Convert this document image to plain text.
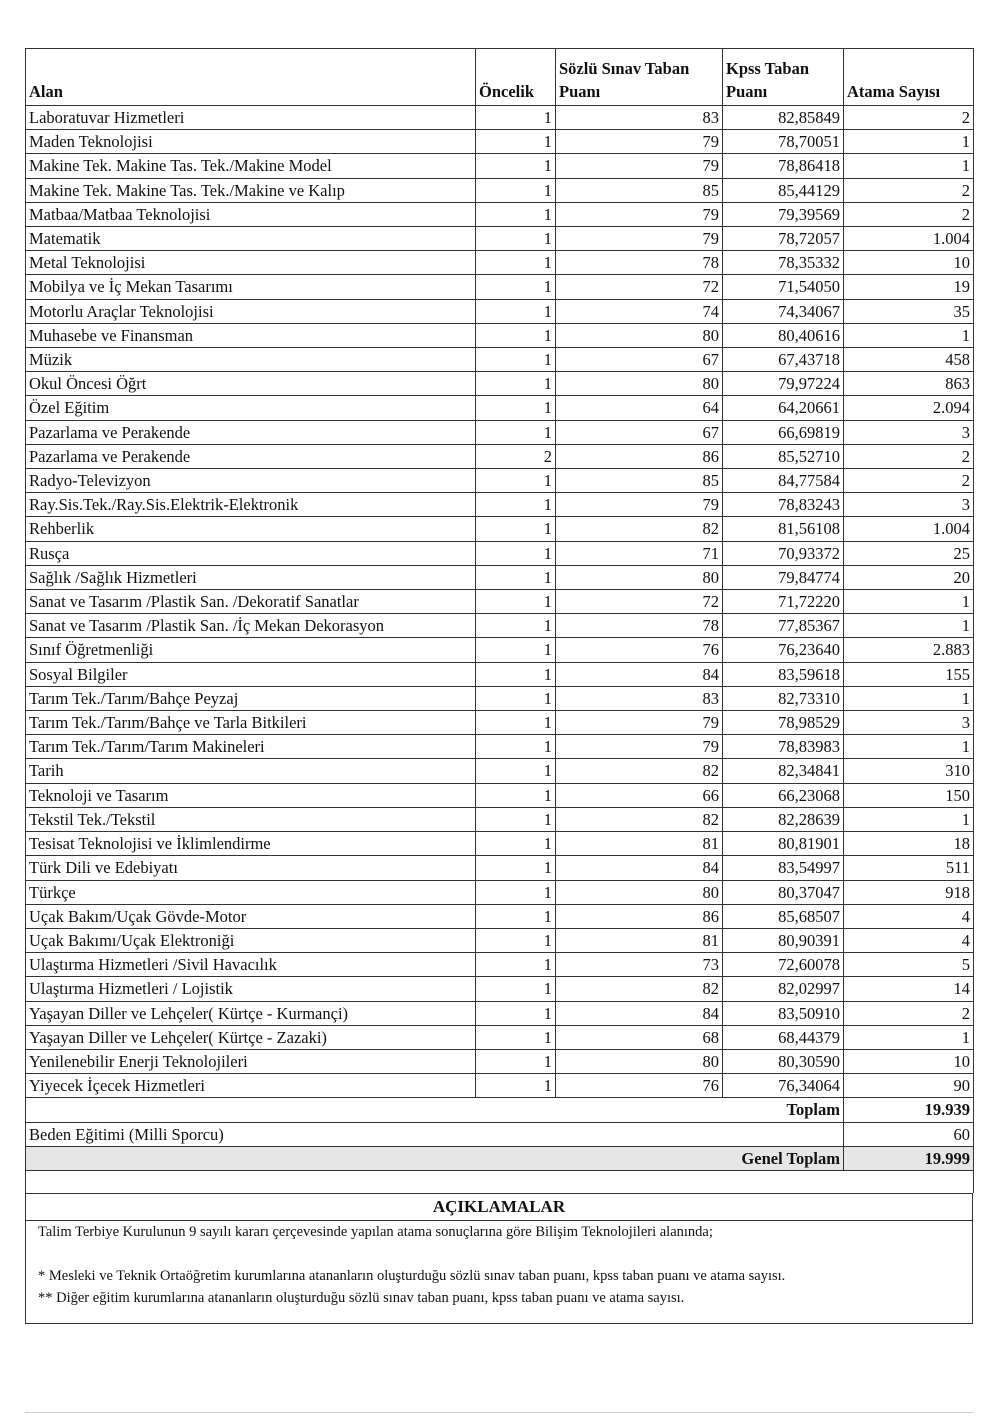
Alan	Öncelik	Sözlü Sınav Taban Puanı	Kpss Taban Puanı	Atama Sayısı
Laboratuvar Hizmetleri	1	83	82,85849	2
Maden Teknolojisi	1	79	78,70051	1
Makine Tek. Makine Tas. Tek./Makine Model	1	79	78,86418	1
Makine Tek. Makine Tas. Tek./Makine ve Kalıp	1	85	85,44129	2
Matbaa/Matbaa Teknolojisi	1	79	79,39569	2
Matematik	1	79	78,72057	1.004
Metal Teknolojisi	1	78	78,35332	10
Mobilya ve İç Mekan Tasarımı	1	72	71,54050	19
Motorlu Araçlar Teknolojisi	1	74	74,34067	35
Muhasebe ve Finansman	1	80	80,40616	1
Müzik	1	67	67,43718	458
Okul Öncesi Öğrt	1	80	79,97224	863
Özel Eğitim	1	64	64,20661	2.094
Pazarlama ve Perakende	1	67	66,69819	3
Pazarlama ve Perakende	2	86	85,52710	2
Radyo-Televizyon	1	85	84,77584	2
Ray.Sis.Tek./Ray.Sis.Elektrik-Elektronik	1	79	78,83243	3
Rehberlik	1	82	81,56108	1.004
Rusça	1	71	70,93372	25
Sağlık /Sağlık Hizmetleri	1	80	79,84774	20
Sanat ve Tasarım /Plastik San. /Dekoratif Sanatlar	1	72	71,72220	1
Sanat ve Tasarım /Plastik San. /İç Mekan Dekorasyon	1	78	77,85367	1
Sınıf Öğretmenliği	1	76	76,23640	2.883
Sosyal Bilgiler	1	84	83,59618	155
Tarım Tek./Tarım/Bahçe Peyzaj	1	83	82,73310	1
Tarım Tek./Tarım/Bahçe ve Tarla Bitkileri	1	79	78,98529	3
Tarım Tek./Tarım/Tarım Makineleri	1	79	78,83983	1
Tarih	1	82	82,34841	310
Teknoloji ve Tasarım	1	66	66,23068	150
Tekstil Tek./Tekstil	1	82	82,28639	1
Tesisat Teknolojisi ve İklimlendirme	1	81	80,81901	18
Türk Dili ve Edebiyatı	1	84	83,54997	511
Türkçe	1	80	80,37047	918
Uçak Bakım/Uçak Gövde-Motor	1	86	85,68507	4
Uçak Bakımı/Uçak Elektroniği	1	81	80,90391	4
Ulaştırma Hizmetleri /Sivil Havacılık	1	73	72,60078	5
Ulaştırma Hizmetleri / Lojistik	1	82	82,02997	14
Yaşayan Diller ve Lehçeler( Kürtçe - Kurmançi)	1	84	83,50910	2
Yaşayan Diller ve Lehçeler( Kürtçe - Zazaki)	1	68	68,44379	1
Yenilenebilir Enerji Teknolojileri	1	80	80,30590	10
Yiyecek İçecek Hizmetleri	1	76	76,34064	90
Toplam				19.939
Beden Eğitimi (Milli Sporcu)				60
Genel Toplam				19.999

AÇIKLAMALAR

Talim Terbiye Kurulunun 9 sayılı kararı çerçevesinde yapılan atama sonuçlarına göre Bilişim Teknolojileri alanında;

* Mesleki ve Teknik Ortaöğretim kurumlarına atananların oluşturduğu sözlü sınav taban puanı, kpss taban puanı ve atama sayısı.

** Diğer eğitim kurumlarına atananların oluşturduğu sözlü sınav taban puanı, kpss taban puanı ve atama sayısı.
